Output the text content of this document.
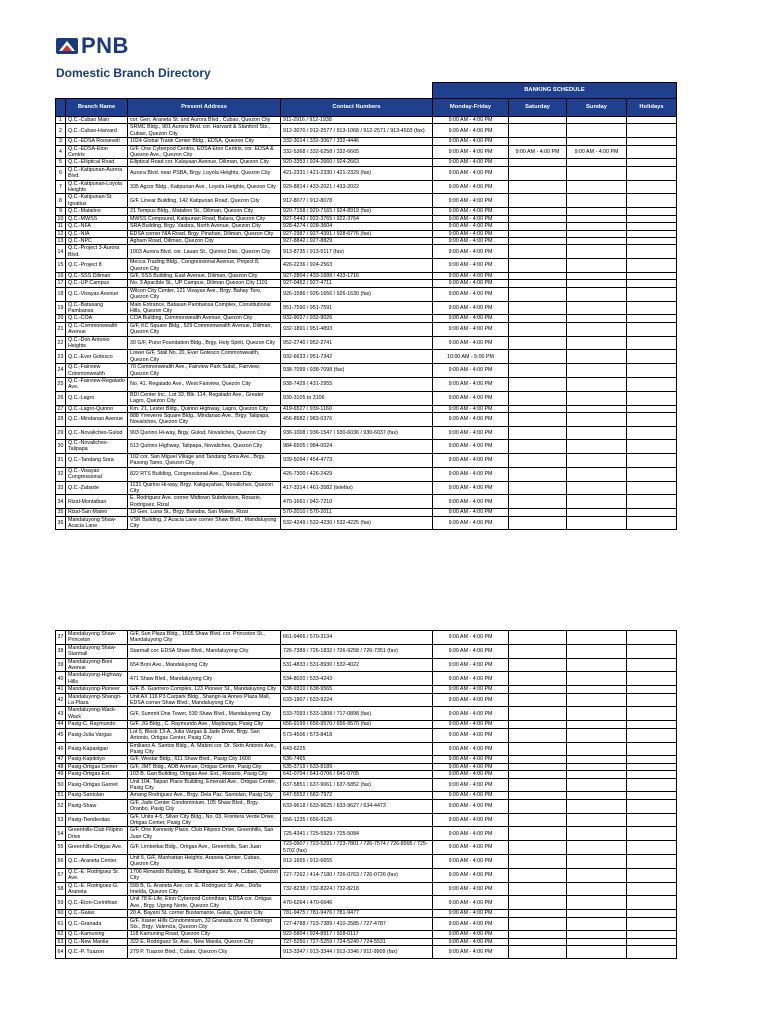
PNB
Domestic Branch Directory
				BANKING SCHEDULE			
	Branch Name	Present Address	Contact Numbers	Monday-Friday	Saturday	Sunday	Holidays
1	Q.C.-Cubao Main	cor. Gen. Araneta St. and Aurora Blvd., Cubao, Quezon City	911-2916 / 912-1938	9:00 AM - 4:00 PM			
2	Q.C.-Cubao-Harvard	SRMC Bldg., 901 Aurora Blvd. cor. Harvard & Stanford Sts., Cubao, Quezon City	912-3070 / 912-2577 / 913-1068 / 912-2571 / 913-4503 (fax)	9:00 AM - 4:00 PM			
3	Q.C.-EDSA Roosevelt	1024 Global Trade Center Bldg., EDSA, Quezon City	332-3014 / 332-3067 / 332-4446	9:00 AM - 4:00 PM			
4	Q.C.-EDSA-Eton Centris	G/F, One Cyberpod Centris, EDSA Eton Centris, cor. EDSA & Quezon Ave., Quezon City	332-5368 / 332-6258 / 332-6665	9:00 AM - 4:00 PM	9:00 AM - 4:00 PM	9:00 AM - 4:00 PM	
5	Q.C.-Elliptical Road	Elliptical Road cor. Kalayaan Avenue, Diliman, Quezon City	920-3353 / 924-2660 / 924-2663	9:00 AM - 4:00 PM			
6	Q.C.-Katipunan-Aurora Blvd.	Aurora Blvd. near PSBA, Brgy. Loyola Heights, Quezon City	421-2331 / 421-2330 / 421-2329 (fax)	9:00 AM - 4:00 PM			
7	Q.C.-Katipunan-Loyola Heights	335 Agcor Bldg., Katipunan Ave., Loyola Heights, Quezon City	929-8814 / 433-2021 / 433-2022	9:00 AM - 4:00 PM			
8	Q.C.-Katipunan-St. Ignatius	G/F, Linear Building, 142 Katipunan Road, Quezon City	912-8077 / 912-8078	9:00 AM - 4:00 PM			
9	Q.C.-Matalino	21 Tempus Bldg., Matalino St., Diliman, Quezon City	920-7158 / 920-7165 / 924-8919 (fax)	9:00 AM - 4:00 PM			
10	Q.C.-MWSS	MWSS Compound, Katipunan Road, Balara, Quezon City	927-5443 / 922-3765 / 922-3764	9:00 AM - 4:00 PM			
11	Q.C.-NFA	SRA Building, Brgy. Vasbra, North Avenue, Quezon City	928-4274 / 928-3604	9:00 AM - 4:00 PM			
12	Q.C.-NIA	EDSA corner NIA Road, Brgy. Pinahan, Diliman, Quezon City	927-2987 / 927-4391 / 928-6776 (fax)	9:00 AM - 4:00 PM			
13	Q.C.-NPC	Agham Road, Diliman, Quezon City	927-8842 / 927-8829	9:00 AM - 4:00 PM			
14	Q.C.-Project 3-Aurora Blvd.	1003 Aurora Blvd. cor. Lauan St., Quirino Dist., Quezon City	913-8735 / 913-5117 (fax)	9:00 AM - 4:00 PM			
15	Q.C.-Project 8	Mecca Trading Bldg., Congressional Avenue, Project 8, Quezon City	426-2236 / 924-2563	9:00 AM - 4:00 PM			
16	Q.C.-SSS Diliman	G/F, SSS Building, East Avenue, Diliman, Quezon City	927-2804 / 433-1688 / 433-1716	9:00 AM - 4:00 PM			
17	Q.C.-UP Campus	No. 3 Apacible St., UP Campus, Diliman Quezon City 1101	927-0452 / 927-4711	9:00 AM - 4:00 PM			
18	Q.C.-Visayas Avenue	Wilcon City Center, 121 Visayas Ave., Brgy. Bahay Toro, Quezon City	926-1586 / 926-1656 / 926-1630 (fax)	9:00 AM - 4:00 PM			
19	Q.C.-Batasang Pambansa	Main Entrance, Batasan Pambansa Complex, Constitutional Hills, Quezon City	951-7590 / 951-7591	9:00 AM - 4:00 PM			
20	Q.C.-COA	COA Building, Commonwealth Avenue, Quezon City	932-9027 / 932-9026	9:00 AM - 4:00 PM			
21	Q.C.-Commonwealth Avenue	G/F, KC Square Bldg., 529 Commonwealth Avenue, Diliman, Quezon City	932-1891 / 951-4893	9:00 AM - 4:00 PM			
22	Q.C.-Don Antonio Heights	30 G/F, Puno Foundation Bldg., Brgy. Holy Spirit, Quezon City	952-2740 / 952-2741	9:00 AM - 4:00 PM			
23	Q.C.-Ever Gotesco	Lower G/F, Stall No. 20, Ever Gotesco Commonwealth, Quezon City	932-6633 / 951-7342	10:00 AM - 5:00 PM			
24	Q.C.-Fairview Commonwealth	70 Commonwealth Ave., Fairview Park Subd., Fairview, Quezon City	938-7099 / 938-7098 (fax)	9:00 AM - 4:00 PM			
25	Q.C.-Fairview-Regalado Ave.	No. 41, Regalado Ave., West Fairview, Quezon City	938-7429 / 431-2955	9:00 AM - 4:00 PM			
26	Q.C.-Lagro	BDI Center Inc., Lot 33, Blk. 114, Regalado Ave., Greater Lagro, Quezon City	930-3105 to 3106	9:00 AM - 4:00 PM			
27	Q.C.-Lagro-Quirino	Km. 21, Lester Bldg., Quirino Highway, Lagro, Quezon City	419-6527 / 939-1160	9:00 AM - 4:00 PM			
28	Q.C.-Mindanao Avenue	888 Yrreverre Square Bldg., Mindanao Ave., Brgy. Talipapa, Novaliches, Quezon City	456-8582 / 983-0376	9:00 AM - 4:00 PM			
29	Q.C.-Novaliches-Gulod	903 Quirino Hi-way, Brgy. Gulod, Novaliches, Quezon City	936-1008 / 936-1547 / 930-6036 / 930-6037 (fax)	9:00 AM - 4:00 PM			
30	Q.C.-Novaliches-Talipapa	513 Quirino Highway, Talipapa, Novaliches, Quezon City	984-6505 / 984-0024	9:00 AM - 4:00 PM			
31	Q.C.-Tandang Sora	102 cor. San Miguel Village and Tandang Sora Ave., Brgy. Pasong Tamo, Quezon City	939-5094 / 454-4773	9:00 AM - 4:00 PM			
32	Q.C.-Visayas Congressional	822 RTS Building, Congressional Ave., Quezon City	426-7300 / 426-2429	9:00 AM - 4:00 PM			
33	Q.C.-Zabarte	1131 Quirino Hi-way, Brgy. Kaligayahan, Novaliches, Quezon City	417-3314 / 461-3582 (telefax)	9:00 AM - 4:00 PM			
34	Rizal-Montalban	E. Rodriguez Ave. corner Midtown Subdivision, Rosario, Rodriguez, Rizal	470-1661 / 942-7210	9:00 AM - 4:00 PM			
35	Rizal-San Mateo	19 Gen. Luna St., Brgy. Banaba, San Mateo, Rizal	570-2010 / 570-2011	9:00 AM - 4:00 PM			
36	Mandaluyong Shaw-Acacia Lane	VSK Building, 2 Acacia Lane corner Shaw Blvd., Mandaluyong City	532-4249 / 532-4230 / 532-4225 (fax)	9:00 AM - 4:00 PM			
37	Mandaluyong Shaw-Princeton	G/F, Sun Plaza Bldg., 1505 Shaw Blvd. cor. Princeton St., Mandaluyong City	661-9466 / 570-3134	9:00 AM - 4:00 PM			
38	Mandaluyong Shaw-Starmall	Starmall cor. EDSA Shaw Blvd., Mandaluyong City	726-7389 / 726-1832 / 726-9258 / 726-7351 (fax)	9:00 AM - 4:00 PM			
39	Mandaluyong-Boni Avenue	654 Boni Ave., Mandaluyong City	531-4833 / 531-8930 / 532-4022	9:00 AM - 4:00 PM			
40	Mandaluyong-Highway Hills	471 Shaw Blvd., Mandaluyong City	534-8020 / 533-4243	9:00 AM - 4:00 PM			
41	Mandaluyong-Pioneer	G/F, B. Guerrero Complex, 123 Pioneer St., Mandaluyong City	638-9310 / 638-9565	9:00 AM - 4:00 PM			
42	Mandaluyong-Shangri-La Plaza	Unit AX 116 P3 Carpark Bldg., Shangri-la Annex Plaza Mall, EDSA corner Shaw Blvd., Mandaluyong City	633-1907 / 633-9224	9:00 AM - 4:00 PM			
43	Mandaluyong-Wack-Wack	G/F, Summit One Tower, 530 Shaw Blvd., Mandaluyong City	533-7093 / 533-1808 / 717-0898 (fax)	9:00 AM - 4:00 PM			
44	Pasig-C. Raymundo	G/F, JG Bldg., C. Raymundo Ave., Maybunga, Pasig City	656-9199 / 656-9570 / 656-9570 (fax)	9:00 AM - 4:00 PM			
45	Pasig-Julia Vargas	Lot 5, Block 13-A, Julia Vargas & Jade Drive, Brgy. San Antonio, Ortigas Center, Pasig City	573-4506 / 573-8418	9:00 AM - 4:00 PM			
46	Pasig-Kapasigan	Emiliano A. Santos Bldg., A. Mabini cor. Dr. Sixto Antonio Ave., Pasig City	643-6225	9:00 AM - 4:00 PM			
47	Pasig-Kapitolyo	G/F, Westar Bldg., 611 Shaw Blvd., Pasig City 1600	636-7465	9:00 AM - 4:00 PM			
48	Pasig-Ortigas Center	G/F, JMT Bldg., ADB Avenue, Ortigas Center, Pasig City	635-3719 / 633-8189	9:00 AM - 4:00 PM			
49	Pasig-Ortigas Ext.	103 B. Gan Building, Ortigas Ave. Ext., Rosario, Pasig City	641-0704 / 641-0706 / 641-0705	9:00 AM - 4:00 PM			
50	Pasig-Ortigas Garnet	Unit 104, Taipan Place Building, Emerald Ave., Ortigas Center, Pasig City	637-5851 / 637-9061 / 637-5852 (fax)	9:00 AM - 4:00 PM			
51	Pasig-Santolan	Amang Rodriguez Ave., Brgy. Dela Paz, Santolan, Pasig City	647-5552 / 682-7972	9:00 AM - 4:00 PM			
52	Pasig-Shaw	G/F, Jade Center Condominium, 105 Shaw Blvd., Brgy. Oranbo, Pasig City	633-9618 / 633-9625 / 633-9627 / 634-4473	9:00 AM - 4:00 PM			
53	Pasig-Tiendesitas	G/F, Units 4-5, Silver City Bldg., No. 03, Frontera Verde Drive, Ortigas Center, Pasig City	656-1235 / 656-9126	9:00 AM - 4:00 PM			
54	Greenhills-Club Filipino Drive	G/F, One Kennedy Place, Club Filipino Drive, Greenhills, San Juan City	725-4341 / 725-5929 / 725-5084	9:00 AM - 4:00 PM			
55	Greenhills-Ortigas Ave.	G/F, Limketkai Bldg., Ortigas Ave., Greenhills, San Juan	723-0907 / 723-5291 / 723-7801 / 726-7574 / 726-8995 / 725-5702 (fax)	9:00 AM - 4:00 PM			
56	Q.C.-Araneta Center	Unit 5, G/F, Manhattan Heights, Araneta Center, Cubao, Quezon City	912-1655 / 912-6655	9:00 AM - 4:00 PM			
57	Q.C.-E. Rodriguez Sr. Ave.	1706 Rimando Building, E. Rodriguez Sr. Ave., Cubao, Quezon City	727-7262 / 414-7180 / 726-0763 / 726-0726 (fax)	9:00 AM - 4:00 PM			
58	Q.C.-E. Rodriguez-G. Araneta	599 B, G. Araneta Ave. cor. E. Rodriguez Sr. Ave., Doña Imelda, Quezon City	732-8238 / 732-8224 / 732-8218	9:00 AM - 4:00 PM			
59	Q.C.-Eton-Corinthian	Unit 78 E-Life, Eton Cyberpod Corinthian, EDSA cor. Ortigas Ave., Brgy. Ugong Norte, Quezon City	470-6264 / 470-6646	9:00 AM - 4:00 PM			
60	Q.C.-Galas	20 A. Bayani St. corner Bustamante, Galas, Quezon City	781-9475 / 781-9476 / 781-9477	9:00 AM - 4:00 PM			
61	Q.C.-Granada	G/F, Xavier Hills Condominium, 32 Granada cor. N. Domingo Sts., Brgy. Valencia, Quezon City	727-4788 / 723-7389 / 410-2585 / 727-4787	9:00 AM - 4:00 PM			
62	Q.C.-Kamuning	118 Kamuning Road, Quezon City	922-5804 / 924-8917 / 928-0117	9:00 AM - 4:00 PM			
63	Q.C.-New Manila	322 E. Rodriguez Sr. Ave., New Manila, Quezon City	727-5250 / 727-5259 / 724-5249 / 724-5531	9:00 AM - 4:00 PM			
64	Q.C.-P. Tuazon	279 P. Tuazon Blvd., Cubao, Quezon City	913-3347 / 913-3344 / 913-3346 / 911-9909 (fax)	9:00 AM - 4:00 PM			
